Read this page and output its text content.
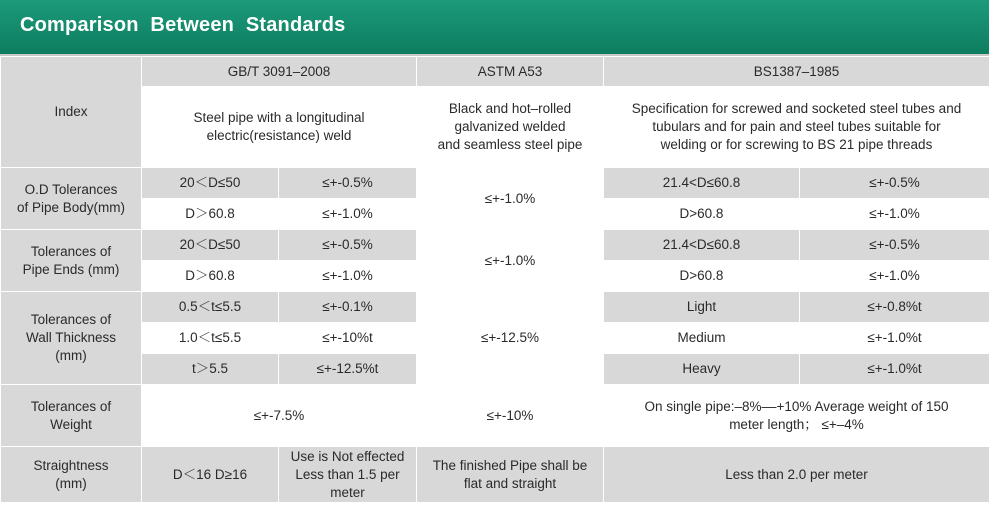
Comparison Between Standards
Index	GB/T 3091–2008		ASTM A53	BS1387–1985	

	Steel pipe with a longitudinal
electric(resistance) weld		Black and hot–rolled
galvanized welded
and seamless steel pipe	Specification for screwed and socketed steel tubes and
tubulars and for pain and steel tubes suitable for
welding or for screwing to BS 21 pipe threads	

O.D Tolerances
of Pipe Body(mm)	20＜D≤50	≤+-0.5%	≤+-1.0%	21.4<D≤60.8	≤+-0.5%
	D＞60.8	≤+-1.0%		D>60.8	≤+-1.0%

Tolerances of
Pipe Ends (mm)	20＜D≤50	≤+-0.5%	≤+-1.0%	21.4<D≤60.8	≤+-0.5%
	D＞60.8	≤+-1.0%		D>60.8	≤+-1.0%

Tolerances of
Wall Thickness
(mm)	0.5＜t≤5.5	≤+-0.1%	≤+-12.5%	Light	≤+-0.8%t
	1.0＜t≤5.5	≤+-10%t		Medium	≤+-1.0%t
	t＞5.5	≤+-12.5%t		Heavy	≤+-1.0%t

Tolerances of
Weight	≤+-7.5%		≤+-10%	On single pipe:–8%––+10% Average weight of 150
meter length； ≤+–4%	

Straightness
(mm)	D＜16 D≥16	Use is Not effected
Less than 1.5 per
meter	The finished Pipe shall be
flat and straight	Less than 2.0 per meter	
